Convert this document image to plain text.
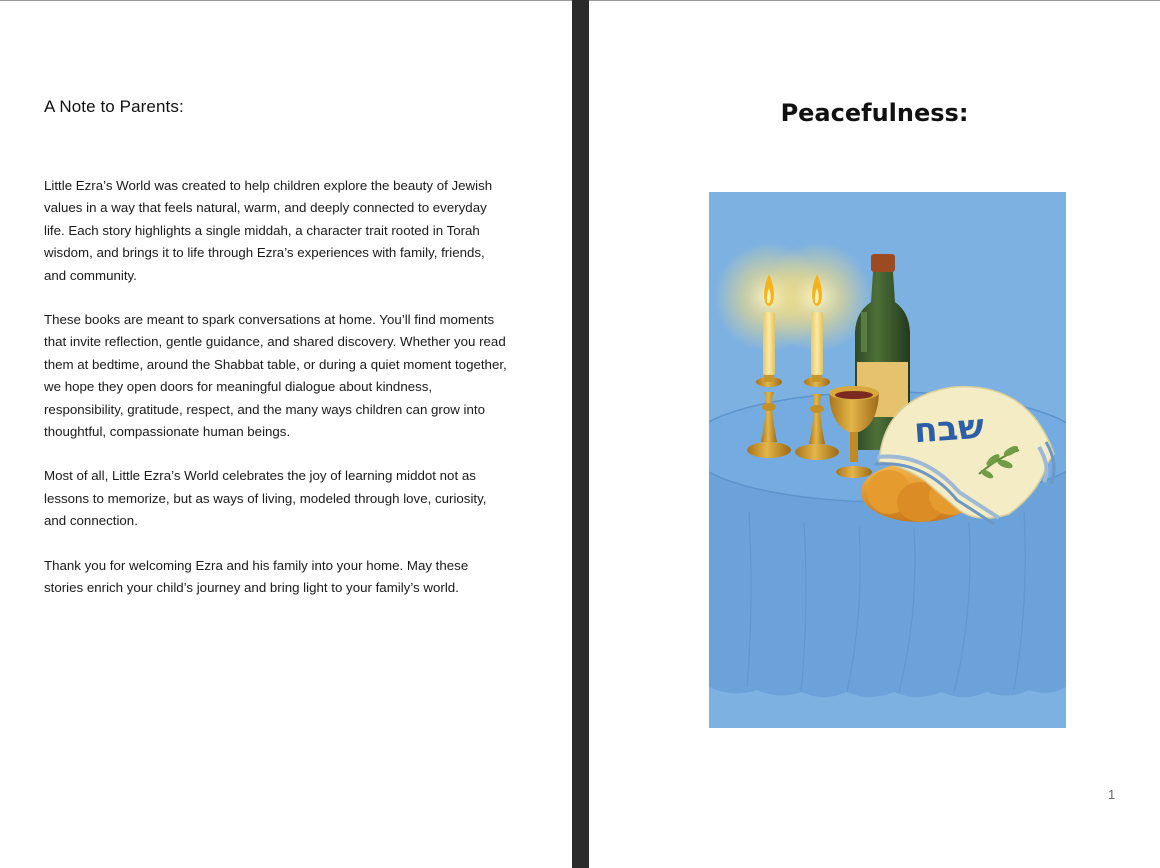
A Note to Parents:

Little Ezra’s World was created to help children explore the beauty of Jewish values in a way that feels natural, warm, and deeply connected to everyday life. Each story highlights a single middah, a character trait rooted in Torah wisdom, and brings it to life through Ezra’s experiences with family, friends, and community.

These books are meant to spark conversations at home. You’ll find moments that invite reflection, gentle guidance, and shared discovery. Whether you read them at bedtime, around the Shabbat table, or during a quiet moment together, we hope they open doors for meaningful dialogue about kindness, responsibility, gratitude, respect, and the many ways children can grow into thoughtful, compassionate human beings.

Most of all, Little Ezra’s World celebrates the joy of learning middot not as lessons to memorize, but as ways of living, modeled through love, curiosity, and connection.

Thank you for welcoming Ezra and his family into your home. May these stories enrich your child’s journey and bring light to your family’s world.

Peacefulness:
שבח
1
